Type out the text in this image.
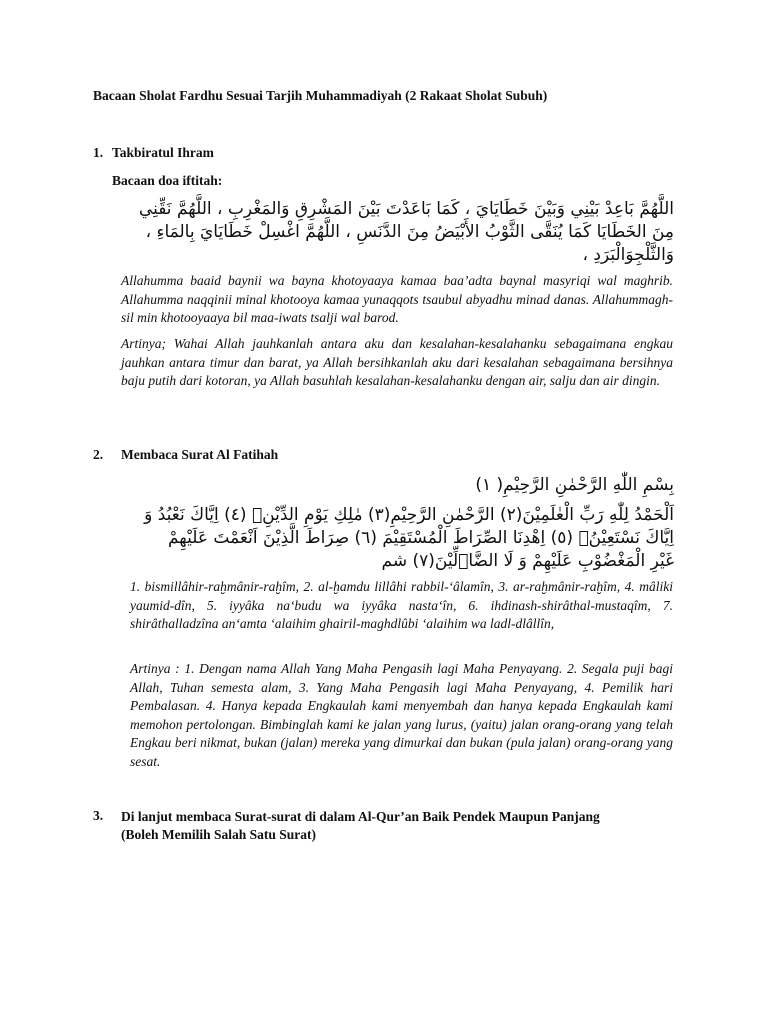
Bacaan Sholat Fardhu Sesuai Tarjih Muhammadiyah (2 Rakaat Sholat Subuh)
1. Takbiratul Ihram
Bacaan doa iftitah:
اللَّهُمَّ بَاعِدْ بَيْنِي وَبَيْنَ خَطَايَايَ ، كَمَا بَاعَدْتَ بَيْنَ المَشْرِقِ وَالمَغْرِبِ ، اللَّهُمَّ نَقِّنِي
مِنَ الخَطَايَا كَمَا يُنَقَّى الثَّوْبُ الأَبْيَضُ مِنَ الدَّنَسِ ، اللَّهُمَّ اغْسِلْ خَطَايَايَ بِالمَاءِ ،
وَالثَّلْجِوَالْبَرَدِ ،
Allahumma baaid baynii wa bayna khotoyaaya kamaa baa’adta baynal masyriqi wal maghrib. Allahumma naqqinii minal khotooya kamaa yunaqqots tsaubul abyadhu minad danas. Allahummagh-sil min khotooyaaya bil maa-iwats tsalji wal barod.
Artinya; Wahai Allah jauhkanlah antara aku dan kesalahan-kesalahanku sebagaimana engkau jauhkan antara timur dan barat, ya Allah bersihkanlah aku dari kesalahan sebagaimana bersihnya baju putih dari kotoran, ya Allah basuhlah kesalahan-kesalahanku dengan air, salju dan air dingin.
2. Membaca Surat Al Fatihah
بِسْمِ اللّٰهِ الرَّحْمٰنِ الرَّحِيْمِ( ١)
اَلْحَمْدُ لِلّٰهِ رَبِّ الْعٰلَمِيْنَ(٢) الرَّحْمٰنِ الرَّحِيْمِ(٣) مٰلِكِ يَوْمِ الدِّيْنِۗ (٤) اِيَّاكَ نَعْبُدُ وَ
اِيَّاكَ نَسْتَعِيْنُۗ (٥) اِهْدِنَا الصِّرَاطَ الْمُسْتَقِيْمَ (٦) صِرَاطَ الَّذِيْنَ اَنْعَمْتَ عَلَيْهِمْ
غَيْرِ الْمَغْضُوْبِ عَلَيْهِمْ وَ لَا الضَّاۤلِّيْنَ(٧) شم
1. bismillâhir-raḫmânir-raḫîm, 2. al-ḫamdu lillâhi rabbil-‘âlamîn, 3. ar-raḫmânir-raḫîm, 4. mâliki yaumid-dîn, 5. iyyâka na‘budu wa iyyâka nasta‘în, 6. ihdinash-shirâthal-mustaqîm, 7. shirâthalladzîna an‘amta ‘alaihim ghairil-maghdlûbi ‘alaihim wa ladl-dlâllîn,
Artinya : 1. Dengan nama Allah Yang Maha Pengasih lagi Maha Penyayang. 2. Segala puji bagi Allah, Tuhan semesta alam, 3. Yang Maha Pengasih lagi Maha Penyayang, 4. Pemilik hari Pembalasan. 4. Hanya kepada Engkaulah kami menyembah dan hanya kepada Engkaulah kami memohon pertolongan. Bimbinglah kami ke jalan yang lurus, (yaitu) jalan orang-orang yang telah Engkau beri nikmat, bukan (jalan) mereka yang dimurkai dan bukan (pula jalan) orang-orang yang sesat.
3. Di lanjut membaca Surat-surat di dalam Al-Qur’an Baik Pendek Maupun Panjang
(Boleh Memilih Salah Satu Surat)
